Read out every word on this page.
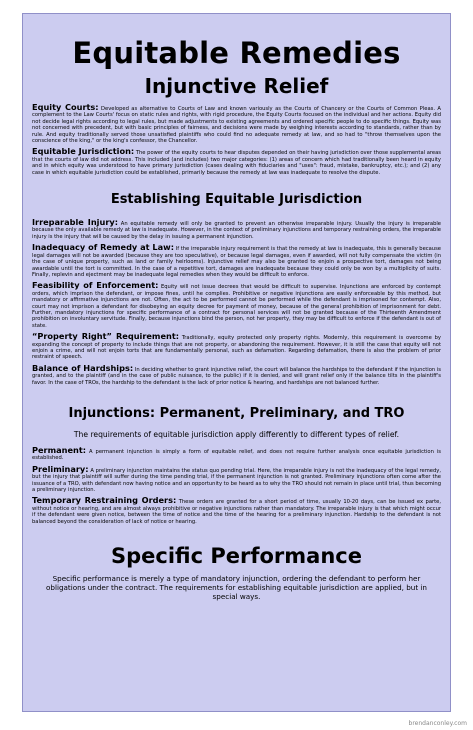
Equitable Remedies
Injunctive Relief

Equity Courts: Developed as alternative to Courts of Law and known variously as the Courts of Chancery or the Courts of Common Pleas. A complement to the Law Courts' focus on static rules and rights, with rigid procedure, the Equity Courts focused on the individual and her actions. Equity did not decide legal rights according to legal rules, but made adjustments to existing agreements and ordered specific people to do specific things. Equity was not concerned with precedent, but with basic principles of fairness, and decisions were made by weighing interests according to standards, rather than by rule. And equity traditionally served those unsatisfied plaintiffs who could find no adequate remedy at law, and so had to "throw themselves upon the conscience of the king," or the king's confessor, the Chancellor.

Equitable Jurisdiction: The power of the equity courts to hear disputes depended on their having jurisdiction over those supplemental areas that the courts of law did not address. This included (and includes) two major categories: (1) areas of concern which had traditionally been heard in equity and in which equity was understood to have primary jurisdiction (cases dealing with fiduciaries and "uses": fraud, mistake, bankruptcy, etc.); and (2) any case in which equitable jurisdiction could be established, primarily because the remedy at law was inadequate to resolve the dispute.

Establishing Equitable Jurisdiction

Irreparable Injury: An equitable remedy will only be granted to prevent an otherwise irreparable injury. Usually the injury is irreparable because the only available remedy at law is inadequate. However, in the context of preliminary injunctions and temporary restraining orders, the irreparable injury is the injury that will be caused by the delay in issuing a permanent injunction.

Inadequacy of Remedy at Law: If the irreparable injury requirement is that the remedy at law is inadequate, this is generally because legal damages will not be awarded (because they are too speculative), or because legal damages, even if awarded, will not fully compensate the victim (in the case of unique property, such as land or family heirlooms). Injunctive relief may also be granted to enjoin a prospective tort, damages not being awardable until the tort is committed. In the case of a repetitive tort, damages are inadequate because they could only be won by a multiplicity of suits. Finally, replevin and ejectment may be inadequate legal remedies when they would be difficult to enforce.

Feasibility of Enforcement: Equity will not issue decrees that would be difficult to supervise. Injunctions are enforced by contempt orders, which imprison the defendant, or impose fines, until he complies. Prohibitive or negative injunctions are easily enforceable by this method, but mandatory or affirmative injunctions are not. Often, the act to be performed cannot be performed while the defendant is imprisoned for contempt. Also, court may not imprison a defendant for disobeying an equity decree for payment of money, because of the general prohibition of imprisonment for debt. Further, mandatory injunctions for specific performance of a contract for personal services will not be granted because of the Thirteenth Amendment prohibition on involuntary servitude. Finally, because injunctions bind the person, not her property, they may be difficult to enforce if the defendant is out of state.

“Property Right” Requirement: Traditionally, equity protected only property rights. Modernly, this requirement is overcome by expanding the concept of property to include things that are not property, or abandoning the requirement. However, it is still the case that equity will not enjoin a crime, and will not enjoin torts that are fundamentally personal, such as defamation. Regarding defamation, there is also the problem of prior restraint of speech.

Balance of Hardships: In deciding whether to grant injunctive relief, the court will balance the hardships to the defendant if the injunction is granted, and to the plaintiff (and in the case of public nuisance, to the public) if it is denied, and will grant relief only if the balance tilts in the plaintiff's favor. In the case of TROs, the hardship to the defendant is the lack of prior notice & hearing, and hardships are not balanced further.

Injunctions: Permanent, Preliminary, and TRO
The requirements of equitable jurisdiction apply differently to different types of relief.

Permanent: A permanent injunction is simply a form of equitable relief, and does not require further analysis once equitable jurisdiction is established.

Preliminary: A preliminary injunction maintains the status quo pending trial. Here, the irreparable injury is not the inadequacy of the legal remedy, but the injury that plaintiff will suffer during the time pending trial, if the permanent injunction is not granted. Preliminary injunctions often come after the issuance of a TRO, with defendant now having notice and an opportunity to be heard as to why the TRO should not remain in place until trial, thus becoming a preliminary injunction.

Temporary Restraining Orders: These orders are granted for a short period of time, usually 10-20 days, can be issued ex parte, without notice or hearing, and are almost always prohibitive or negative injunctions rather than mandatory. The irreparable injury is that which might occur if the defendant were given notice, between the time of notice and the time of the hearing for a preliminary injunction. Hardship to the defendant is not balanced beyond the consideration of lack of notice or hearing.

Specific Performance

Specific performance is merely a type of mandatory injunction, ordering the defendant to perform her obligations under the contract. The requirements for establishing equitable jurisdiction are applied, but in special ways.

brendanconley.com
